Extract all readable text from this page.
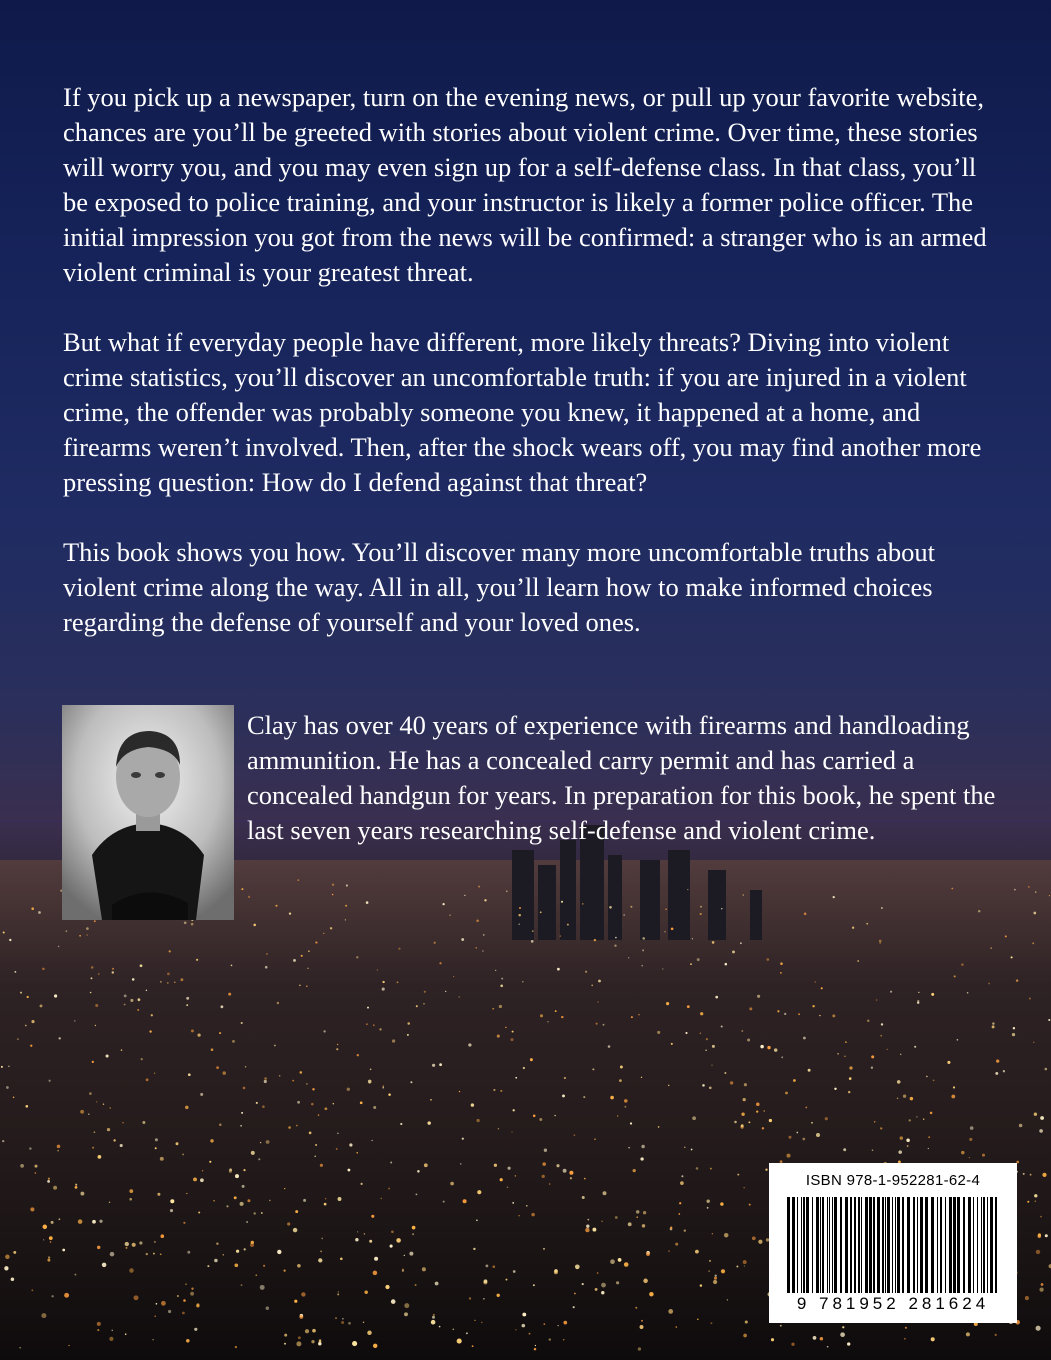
If you pick up a newspaper, turn on the evening news, or pull up your favorite website, chances are you’ll be greeted with stories about violent crime. Over time, these stories will worry you, and you may even sign up for a self-defense class. In that class, you’ll be exposed to police training, and your instructor is likely a former police officer. The initial impression you got from the news will be confirmed: a stranger who is an armed violent criminal is your greatest threat.

But what if everyday people have different, more likely threats? Diving into violent crime statistics, you’ll discover an uncomfortable truth: if you are injured in a violent crime, the offender was probably someone you knew, it happened at a home, and firearms weren’t involved. Then, after the shock wears off, you may find another more pressing question: How do I defend against that threat?

This book shows you how. You’ll discover many more uncomfortable truths about violent crime along the way. All in all, you’ll learn how to make informed choices regarding the defense of yourself and your loved ones.

Clay has over 40 years of experience with firearms and handloading ammunition. He has a concealed carry permit and has carried a concealed handgun for years. In preparation for this book, he spent the last seven years researching self-defense and violent crime.

ISBN 978-1-952281-62-4
9 781952 281624
